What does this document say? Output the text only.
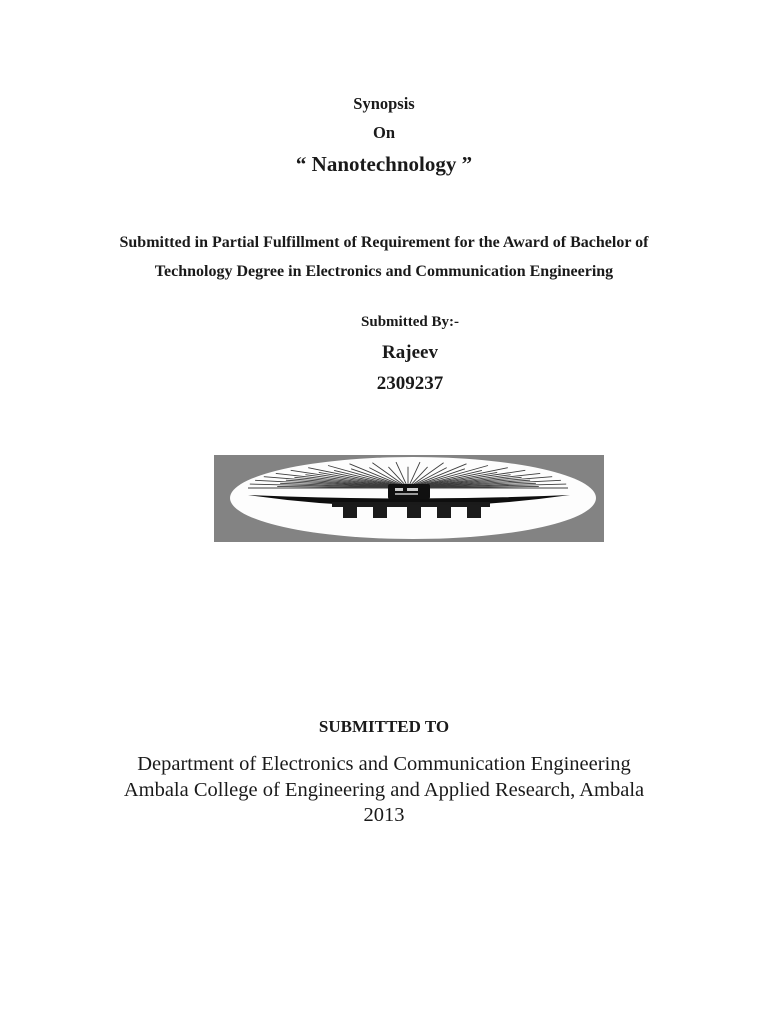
Synopsis
On
“ Nanotechnology ”
Submitted in Partial Fulfillment of Requirement for the Award of Bachelor of
Technology Degree in Electronics and Communication Engineering
Submitted By:-
Rajeev
2309237
SUBMITTED TO
Department of Electronics and Communication Engineering
Ambala College of Engineering and Applied Research, Ambala
2013
